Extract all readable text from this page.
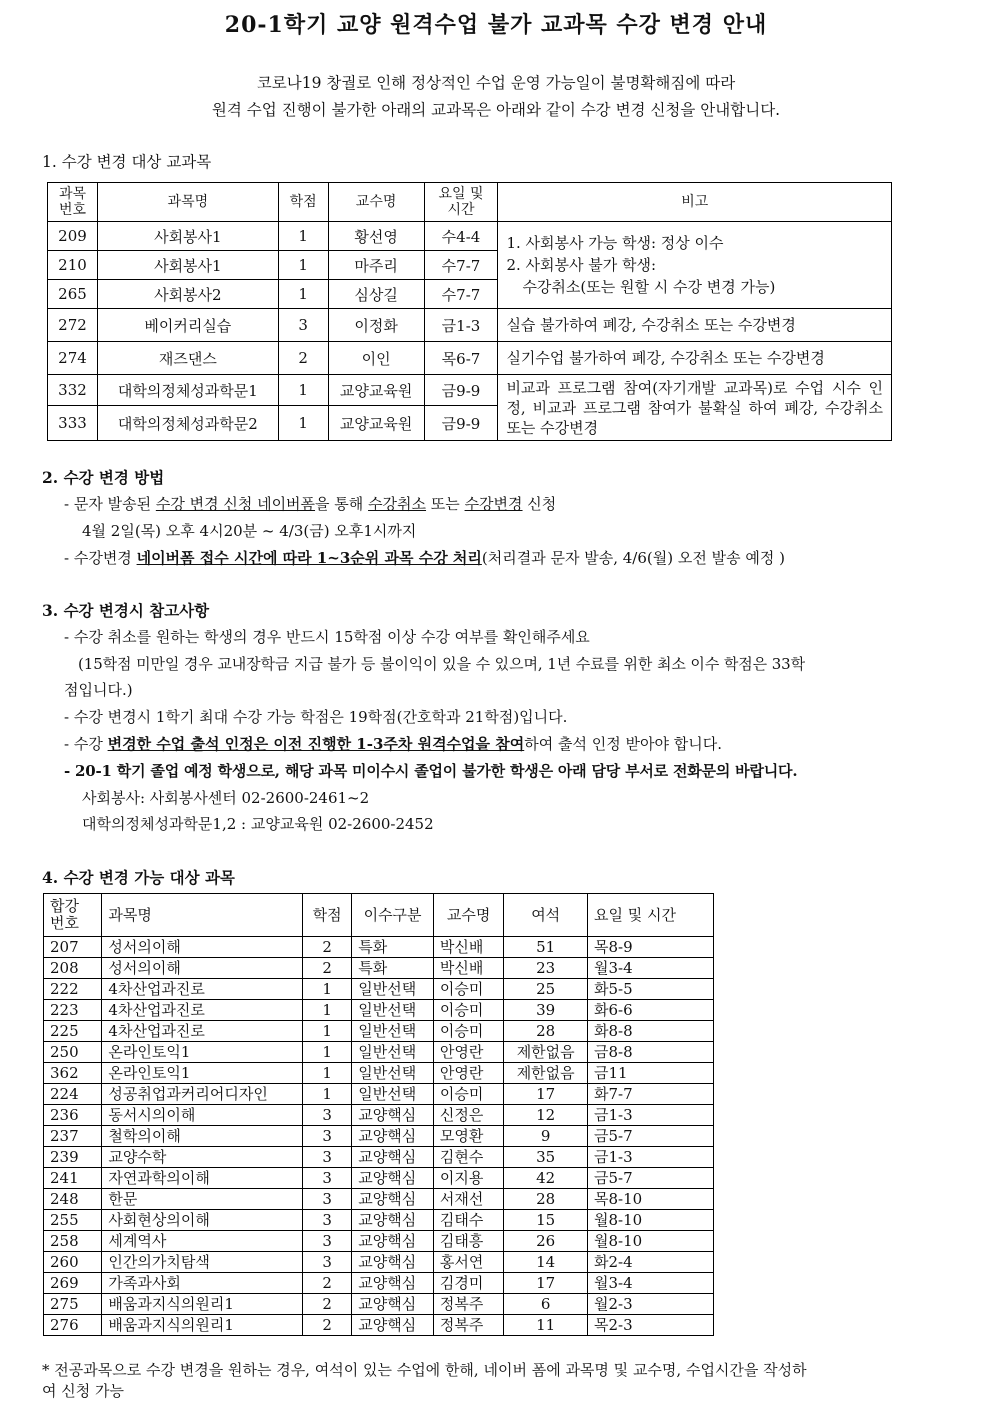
20-1학기 교양 원격수업 불가 교과목 수강 변경 안내
코로나19 창궐로 인해 정상적인 수업 운영 가능일이 불명확해짐에 따라
원격 수업 진행이 불가한 아래의 교과목은 아래와 같이 수강 변경 신청을 안내합니다.
1. 수강 변경 대상 교과목
과목
번호	과목명	학점	교수명	요일 및
시간	비고
209	사회봉사1	1	황선영	수4-4	1. 사회봉사 가능 학생: 정상 이수
2. 사회봉사 불가 학생:
수강취소(또는 원할 시 수강 변경 가능)

210	사회봉사1	1	마주리	수7-7	
265	사회봉사2	1	심상길	수7-7	
272	베이커리실습	3	이정화	금1-3	실습 불가하여 폐강, 수강취소 또는 수강변경
274	재즈댄스	2	이인	목6-7	실기수업 불가하여 폐강, 수강취소 또는 수강변경
332	대학의정체성과학문1	1	교양교육원	금9-9	비교과 프로그램 참여(자기개발 교과목)로 수업 시수 인정, 비교과 프로그램 참여가 불확실 하여 폐강, 수강취소 또는 수강변경
333	대학의정체성과학문2	1	교양교육원	금9-9	
2. 수강 변경 방법
- 문자 발송된 수강 변경 신청 네이버폼을 통해 수강취소 또는 수강변경 신청
4월 2일(목) 오후 4시20분 ~ 4/3(금) 오후1시까지
- 수강변경 네이버폼 접수 시간에 따라 1~3순위 과목 수강 처리(처리결과 문자 발송, 4/6(월) 오전 발송 예정 )
3. 수강 변경시 참고사항
- 수강 취소를 원하는 학생의 경우 반드시 15학점 이상 수강 여부를 확인해주세요
(15학점 미만일 경우 교내장학금 지급 불가 등 불이익이 있을 수 있으며, 1년 수료를 위한 최소 이수 학점은 33학
점입니다.)
- 수강 변경시 1학기 최대 수강 가능 학점은 19학점(간호학과 21학점)입니다.
- 수강 변경한 수업 출석 인정은 이전 진행한 1-3주차 원격수업을 참여하여 출석 인정 받아야 합니다.
- 20-1 학기 졸업 예정 학생으로, 해당 과목 미이수시 졸업이 불가한 학생은 아래 담당 부서로 전화문의 바랍니다.
사회봉사: 사회봉사센터 02-2600-2461~2
대학의정체성과학문1,2 : 교양교육원 02-2600-2452
4. 수강 변경 가능 대상 과목
합강
번호	과목명	학점	이수구분	교수명	여석	요일 및 시간
207	성서의이해	2	특화	박신배	51	목8-9
208	성서의이해	2	특화	박신배	23	월3-4
222	4차산업과진로	1	일반선택	이승미	25	화5-5
223	4차산업과진로	1	일반선택	이승미	39	화6-6
225	4차산업과진로	1	일반선택	이승미	28	화8-8
250	온라인토익1	1	일반선택	안영란	제한없음	금8-8
362	온라인토익1	1	일반선택	안영란	제한없음	금11
224	성공취업과커리어디자인	1	일반선택	이승미	17	화7-7
236	동서시의이해	3	교양핵심	신정은	12	금1-3
237	철학의이해	3	교양핵심	모영환	9	금5-7
239	교양수학	3	교양핵심	김현수	35	금1-3
241	자연과학의이해	3	교양핵심	이지용	42	금5-7
248	한문	3	교양핵심	서재선	28	목8-10
255	사회현상의이해	3	교양핵심	김태수	15	월8-10
258	세계역사	3	교양핵심	김태흥	26	월8-10
260	인간의가치탐색	3	교양핵심	홍서연	14	화2-4
269	가족과사회	2	교양핵심	김경미	17	월3-4
275	배움과지식의원리1	2	교양핵심	정복주	6	월2-3
276	배움과지식의원리1	2	교양핵심	정복주	11	목2-3
* 전공과목으로 수강 변경을 원하는 경우, 여석이 있는 수업에 한해, 네이버 폼에 과목명 및 교수명, 수업시간을 작성하
여 신청 가능
